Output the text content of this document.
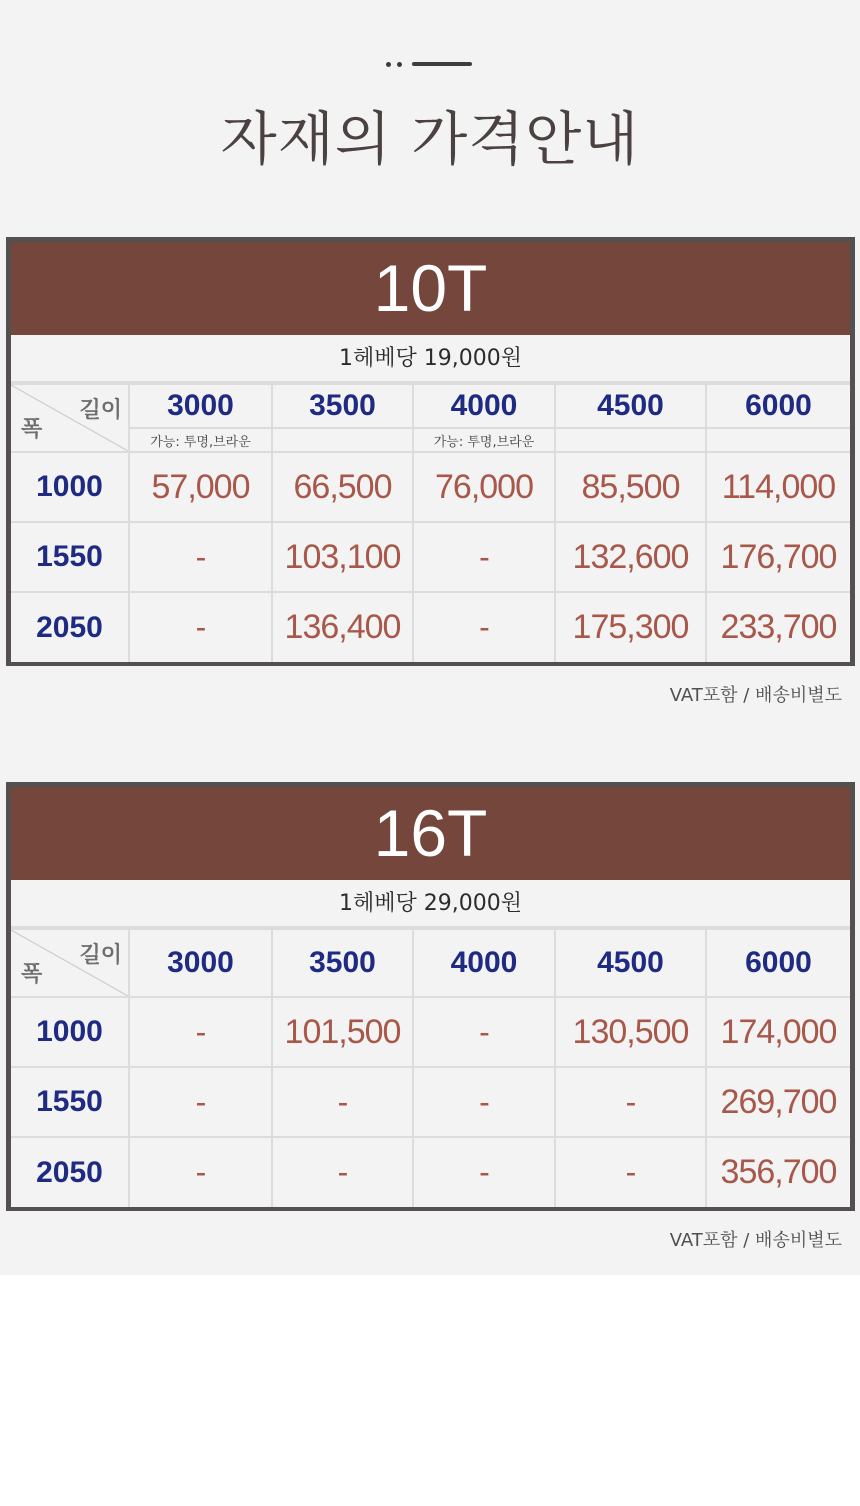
자재의 가격안내
10T
1헤베당 19,000원
길이
폭	3000	3500	4000	4500	6000
	가능: 투명,브라운		가능: 투명,브라운		
1000	57,000	66,500	76,000	85,500	114,000
1550	-	103,100	-	132,600	176,700
2050	-	136,400	-	175,300	233,700
VAT포함 / 배송비별도
16T
1헤베당 29,000원
길이
폭	3000	3500	4000	4500	6000
1000	-	101,500	-	130,500	174,000
1550	-	-	-	-	269,700
2050	-	-	-	-	356,700
VAT포함 / 배송비별도
